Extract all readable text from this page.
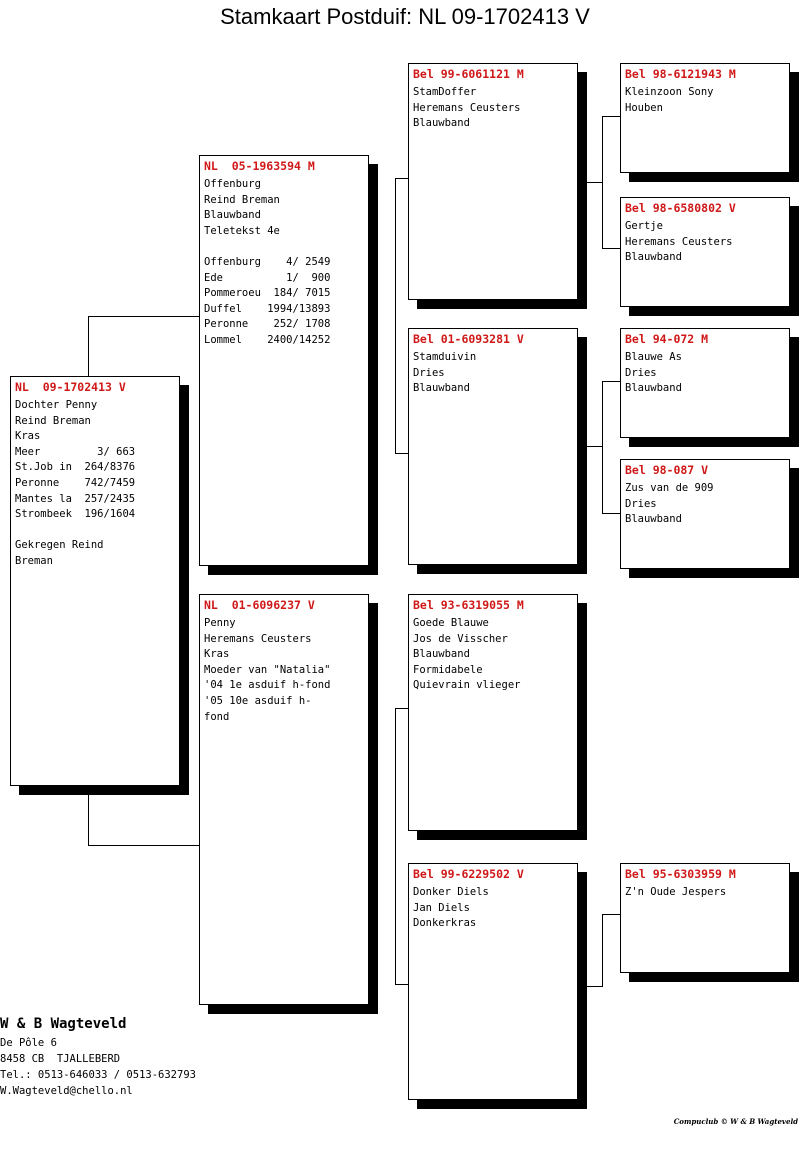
Stamkaart Postduif: NL 09-1702413 V
NL  09-1702413 V
Dochter Penny
Reind Breman
Kras
Meer         3/ 663
St.Job in  264/8376
Peronne    742/7459
Mantes la  257/2435
Strombeek  196/1604
Gekregen Reind
Breman
NL  05-1963594 M
Offenburg
Reind Breman
Blauwband
Teletekst 4e
Offenburg    4/ 2549
Ede          1/  900
Pommeroeu  184/ 7015
Duffel    1994/13893
Peronne    252/ 1708
Lommel    2400/14252
NL  01-6096237 V
Penny
Heremans Ceusters
Kras
Moeder van "Natalia"
'04 1e asduif h-fond
'05 10e asduif h-
fond
Bel 99-6061121 M
StamDoffer
Heremans Ceusters
Blauwband
Bel 01-6093281 V
Stamduivin
Dries
Blauwband
Bel 93-6319055 M
Goede Blauwe
Jos de Visscher
Blauwband
Formidabele
Quievrain vlieger
Bel 99-6229502 V
Donker Diels
Jan Diels
Donkerkras
Bel 98-6121943 M
Kleinzoon Sony
Houben
Bel 98-6580802 V
Gertje
Heremans Ceusters
Blauwband
Bel 94-072 M
Blauwe As
Dries
Blauwband
Bel 98-087 V
Zus van de 909
Dries
Blauwband
Bel 95-6303959 M
Z'n Oude Jespers
W & B Wagteveld
De Pôle 6
8458 CB  TJALLEBERD
Tel.: 0513-646033 / 0513-632793
W.Wagteveld@chello.nl
Compuclub © W & B Wagteveld
